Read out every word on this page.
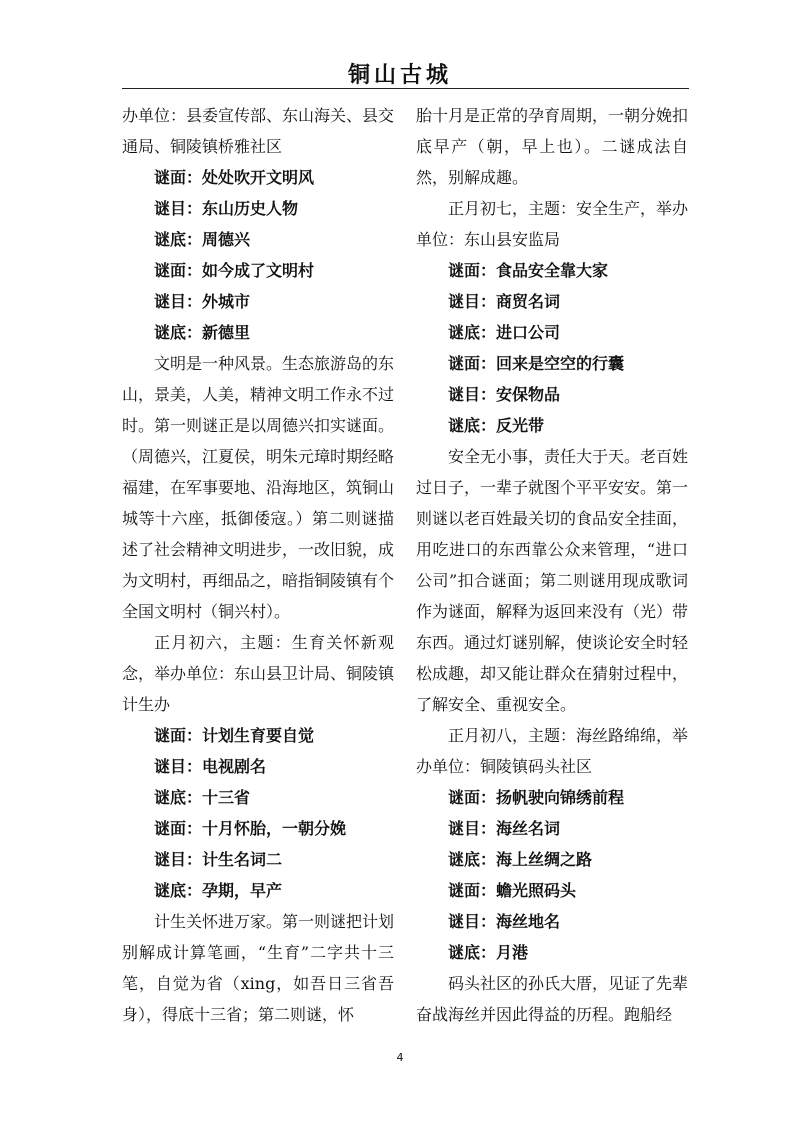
铜山古城

办单位：县委宣传部、东山海关、县交通局、铜陵镇桥雅社区

谜面：处处吹开文明风

谜目：东山历史人物

谜底：周德兴

谜面：如今成了文明村

谜目：外城市

谜底：新德里

文明是一种风景。生态旅游岛的东山，景美，人美，精神文明工作永不过时。第一则谜正是以周德兴扣实谜面。（周德兴，江夏侯，明朱元璋时期经略福建，在军事要地、沿海地区，筑铜山城等十六座，抵御倭寇。）第二则谜描述了社会精神文明进步，一改旧貌，成为文明村，再细品之，暗指铜陵镇有个全国文明村（铜兴村）。

正月初六，主题：生育关怀新观念，举办单位：东山县卫计局、铜陵镇计生办

谜面：计划生育要自觉

谜目：电视剧名

谜底：十三省

谜面：十月怀胎，一朝分娩

谜目：计生名词二

谜底：孕期，早产

计生关怀进万家。第一则谜把计划别解成计算笔画，“生育”二字共十三笔，自觉为省（xing，如吾日三省吾身），得底十三省；第二则谜，怀

胎十月是正常的孕育周期，一朝分娩扣底早产（朝，早上也）。二谜成法自然，别解成趣。

正月初七，主题：安全生产，举办单位：东山县安监局

谜面：食品安全靠大家

谜目：商贸名词

谜底：进口公司

谜面：回来是空空的行囊

谜目：安保物品

谜底：反光带

安全无小事，责任大于天。老百姓过日子，一辈子就图个平平安安。第一则谜以老百姓最关切的食品安全挂面，用吃进口的东西靠公众来管理，“进口公司”扣合谜面；第二则谜用现成歌词作为谜面，解释为返回来没有（光）带东西。通过灯谜别解，使谈论安全时轻松成趣，却又能让群众在猜射过程中，了解安全、重视安全。

正月初八，主题：海丝路绵绵，举办单位：铜陵镇码头社区

谜面：扬帆驶向锦绣前程

谜目：海丝名词

谜底：海上丝绸之路

谜面：蟾光照码头

谜目：海丝地名

谜底：月港

码头社区的孙氏大厝，见证了先辈奋战海丝并因此得益的历程。跑船经

4
